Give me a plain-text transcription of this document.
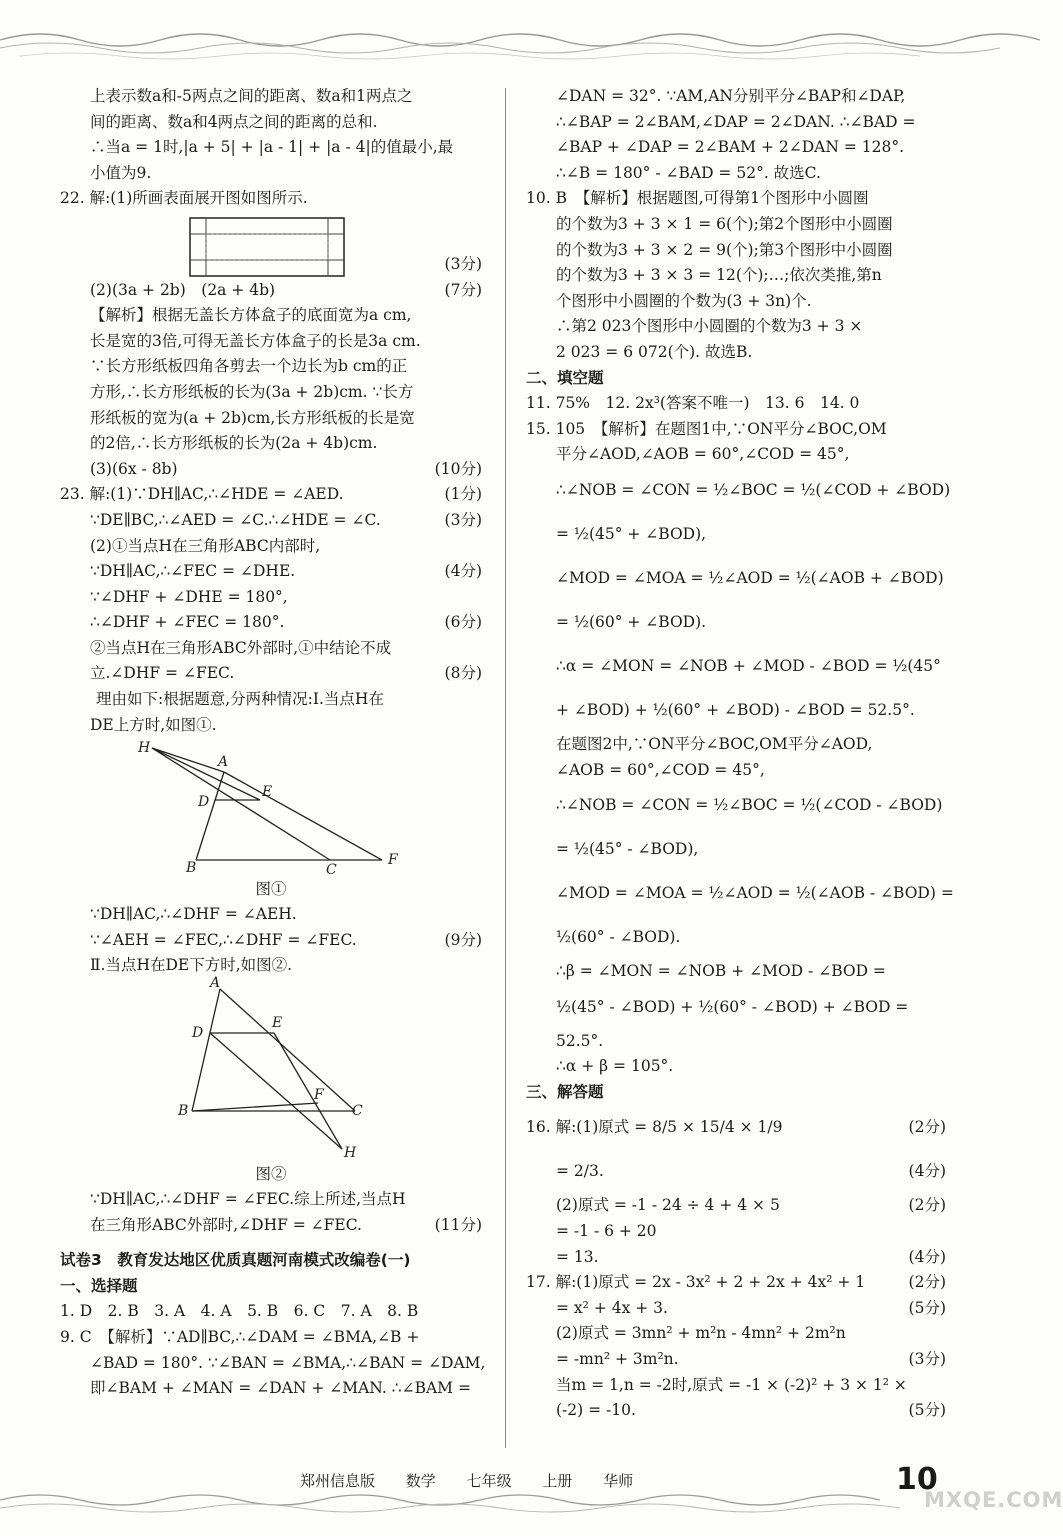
上表示数a和-5两点之间的距离、数a和1两点之
间的距离、数a和4两点之间的距离的总和.
∴当a = 1时,|a + 5| + |a - 1| + |a - 4|的值最小,最
小值为9.
22. 解:(1)所画表面展开图如图所示.
(3分)
(2)(3a + 2b)　(2a + 4b)	(7分)
【解析】根据无盖长方体盒子的底面宽为a cm,
长是宽的3倍,可得无盖长方体盒子的长是3a cm.
∵长方形纸板四角各剪去一个边长为b cm的正
方形,∴长方形纸板的长为(3a + 2b)cm. ∵长方
形纸板的宽为(a + 2b)cm,长方形纸板的长是宽
的2倍,∴长方形纸板的长为(2a + 4b)cm.
(3)(6x - 8b)	(10分)
23. 解:(1)∵DH∥AC,∴∠HDE = ∠AED.	(1分)
∵DE∥BC,∴∠AED = ∠C.∴∠HDE = ∠C.	(3分)
(2)①当点H在三角形ABC内部时,
∵DH∥AC,∴∠FEC = ∠DHE.	(4分)
∵∠DHF + ∠DHE = 180°,
∴∠DHF + ∠FEC = 180°.	(6分)
②当点H在三角形ABC外部时,①中结论不成
立.∠DHF = ∠FEC.	(8分)
理由如下:根据题意,分两种情况:Ⅰ.当点H在
DE上方时,如图①.
H
A
D
E
B	C
F
图①
∵DH∥AC,∴∠DHF = ∠AEH.
∵∠AEH = ∠FEC,∴∠DHF = ∠FEC.	(9分)
Ⅱ.当点H在DE下方时,如图②.
A
D
E
F
B	C
H
图②
∵DH∥AC,∴∠DHF = ∠FEC.综上所述,当点H
在三角形ABC外部时,∠DHF = ∠FEC.	(11分)
试卷3　教育发达地区优质真题河南模式改编卷(一)
一、选择题
1. D　2. B　3. A　4. A　5. B　6. C　7. A　8. B
9. C　【解析】∵AD∥BC,∴∠DAM = ∠BMA,∠B +
∠BAD = 180°. ∵∠BAN = ∠BMA,∴∠BAN = ∠DAM,
即∠BAM + ∠MAN = ∠DAN + ∠MAN. ∴∠BAM =
∠DAN = 32°. ∵AM,AN分别平分∠BAP和∠DAP,
∴∠BAP = 2∠BAM,∠DAP = 2∠DAN. ∴∠BAD =
∠BAP + ∠DAP = 2∠BAM + 2∠DAN = 128°.
∴∠B = 180° - ∠BAD = 52°. 故选C.
10. B　【解析】根据题图,可得第1个图形中小圆圈
的个数为3 + 3 × 1 = 6(个);第2个图形中小圆圈
的个数为3 + 3 × 2 = 9(个);第3个图形中小圆圈
的个数为3 + 3 × 3 = 12(个);…;依次类推,第n
个图形中小圆圈的个数为(3 + 3n)个.
∴第2 023个图形中小圆圈的个数为3 + 3 ×
2 023 = 6 072(个). 故选B.
二、填空题
11. 75%　12. 2x³(答案不唯一)　13. 6　14. 0
15. 105　【解析】在题图1中,∵ON平分∠BOC,OM
平分∠AOD,∠AOB = 60°,∠COD = 45°,
∴∠NOB = ∠CON = ½∠BOC = ½(∠COD + ∠BOD)
= ½(45° + ∠BOD),
∠MOD = ∠MOA = ½∠AOD = ½(∠AOB + ∠BOD)
= ½(60° + ∠BOD).
∴α = ∠MON = ∠NOB + ∠MOD - ∠BOD = ½(45°
+ ∠BOD) + ½(60° + ∠BOD) - ∠BOD = 52.5°.
在题图2中,∵ON平分∠BOC,OM平分∠AOD,
∠AOB = 60°,∠COD = 45°,
∴∠NOB = ∠CON = ½∠BOC = ½(∠COD - ∠BOD)
= ½(45° - ∠BOD),
∠MOD = ∠MOA = ½∠AOD = ½(∠AOB - ∠BOD) =
½(60° - ∠BOD).
∴β = ∠MON = ∠NOB + ∠MOD - ∠BOD =
½(45° - ∠BOD) + ½(60° - ∠BOD) + ∠BOD =
52.5°.
∴α + β = 105°.
三、解答题
16. 解:(1)原式 = 8/5 × 15/4 × 1/9	(2分)
= 2/3.	(4分)
(2)原式 = -1 - 24 ÷ 4 + 4 × 5	(2分)
= -1 - 6 + 20
= 13.	(4分)
17. 解:(1)原式 = 2x - 3x² + 2 + 2x + 4x² + 1	(2分)
= x² + 4x + 3.	(5分)
(2)原式 = 3mn² + m²n - 4mn² + 2m²n
= -mn² + 3m²n.	(3分)
当m = 1,n = -2时,原式 = -1 × (-2)² + 3 × 1² ×
(-2) = -10.	(5分)
郑州信息版 数学 七年级 上册 华师	10
MXQE.COM
